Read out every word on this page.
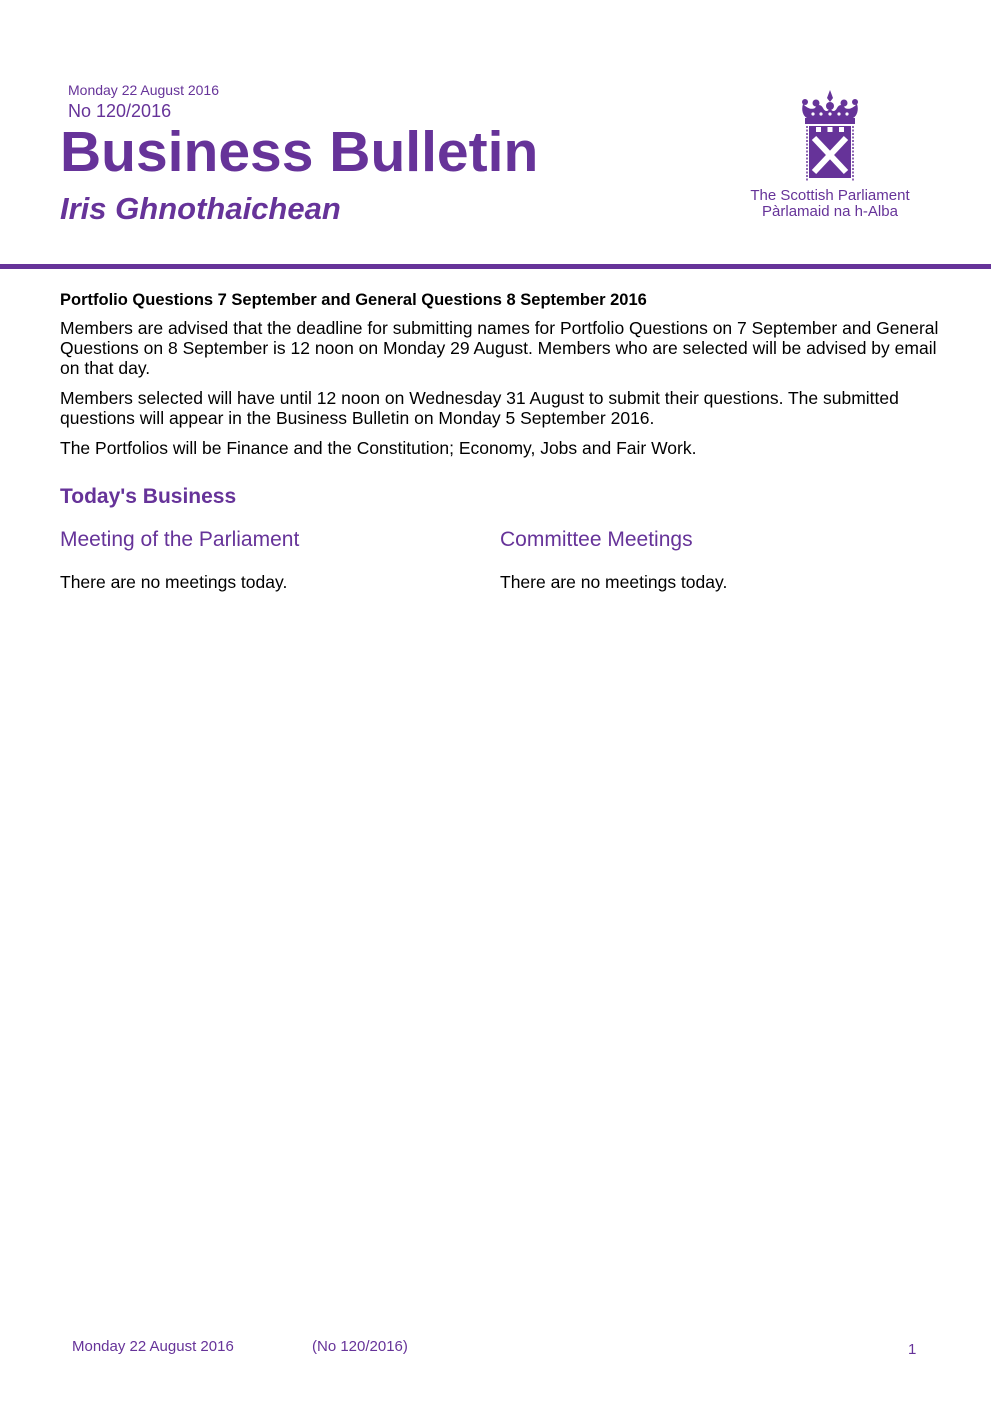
Monday 22 August 2016
No 120/2016
Business Bulletin
Iris Ghnothaichean	The Scottish Parliament
Pàrlamaid na h-Alba
Portfolio Questions 7 September and General Questions 8 September 2016

Members are advised that the deadline for submitting names for Portfolio Questions on 7 September and General Questions on 8 September is 12 noon on Monday 29 August. Members who are selected will be advised by email on that day.

Members selected will have until 12 noon on Wednesday 31 August to submit their questions. The submitted questions will appear in the Business Bulletin on Monday 5 September 2016.

The Portfolios will be Finance and the Constitution; Economy, Jobs and Fair Work.

Today's Business
Meeting of the Parliament

There are no meetings today.

Committee Meetings

There are no meetings today.

Monday 22 August 2016	(No 120/2016)	1
